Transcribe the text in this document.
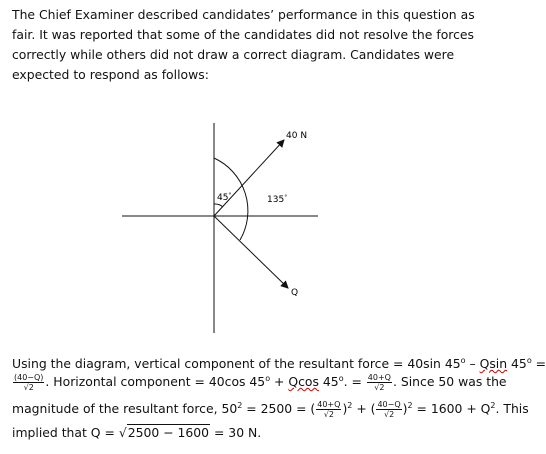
The Chief Examiner described candidates’ performance in this question as fair. It was reported that some of the candidates did not resolve the forces correctly while others did not draw a correct diagram. Candidates were expected to respond as follows:

40 N
45°	135°
Q
Using the diagram, vertical component of the resultant force = 40sin 45$^o$ – Qsin $45^o$ =
$\frac{(40-Q)}{√2}$ . Horizontal component = 40cos $45^o + Qcos$ $45^o$. = $\frac{40+Q}{√2}$ . Since 50 was the
magnitude of the resultant force, $50^2 = 2500$ = ( $\frac{40+Q}{√2} )^2$ + ( $\frac{40-Q}{√2} )^2 = 1600 + Q^2$. This
implied that Q = √2500 − 1600 = 30 N.
